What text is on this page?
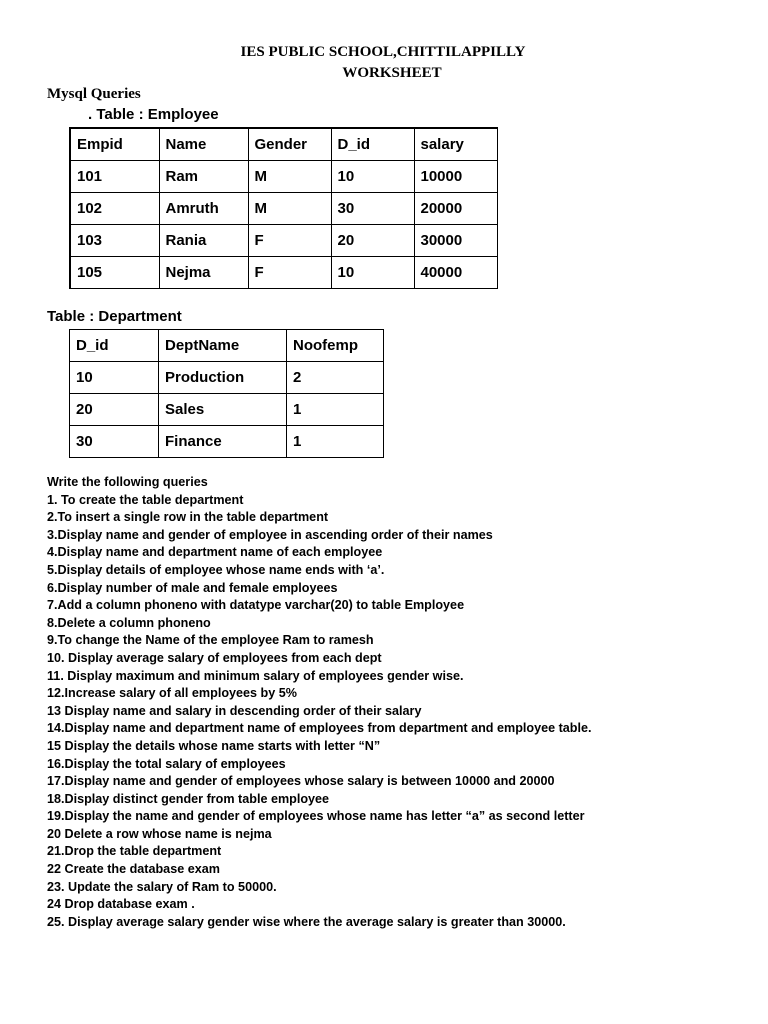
IES PUBLIC SCHOOL,CHITTILAPPILLY
WORKSHEET
Mysql Queries
. Table : Employee
Empid	Name	Gender	D_id	salary
101	Ram	M	10	10000
102	Amruth	M	30	20000
103	Rania	F	20	30000
105	Nejma	F	10	40000
Table : Department
D_id	DeptName	Noofemp
10	Production	2
20	Sales	1
30	Finance	1
Write the following queries
1. To create the table department
2.To insert a single row in the table department
3.Display name and gender of employee in ascending order of their names
4.Display name and department name of each employee
5.Display details of employee whose name ends with ‘a’.
6.Display number of male and female employees
7.Add a column phoneno with datatype varchar(20) to table Employee
8.Delete a column phoneno
9.To change the Name of the employee Ram to ramesh
10. Display average salary of employees from each dept
11. Display maximum and minimum salary of employees gender wise.
12.Increase salary of all employees by 5%
13 Display name and salary in descending order of their salary
14.Display name and department name of employees from department and employee table.
15 Display the details whose name starts with letter “N”
16.Display the total salary of employees
17.Display name and gender of employees whose salary is between 10000 and 20000
18.Display distinct gender from table employee
19.Display the name and gender of employees whose name has letter “a” as second letter
20 Delete a row whose name is nejma
21.Drop the table department
22 Create the database exam
23. Update the salary of Ram to 50000.
24 Drop database exam .
25. Display average salary gender wise where the average salary is greater than 30000.
